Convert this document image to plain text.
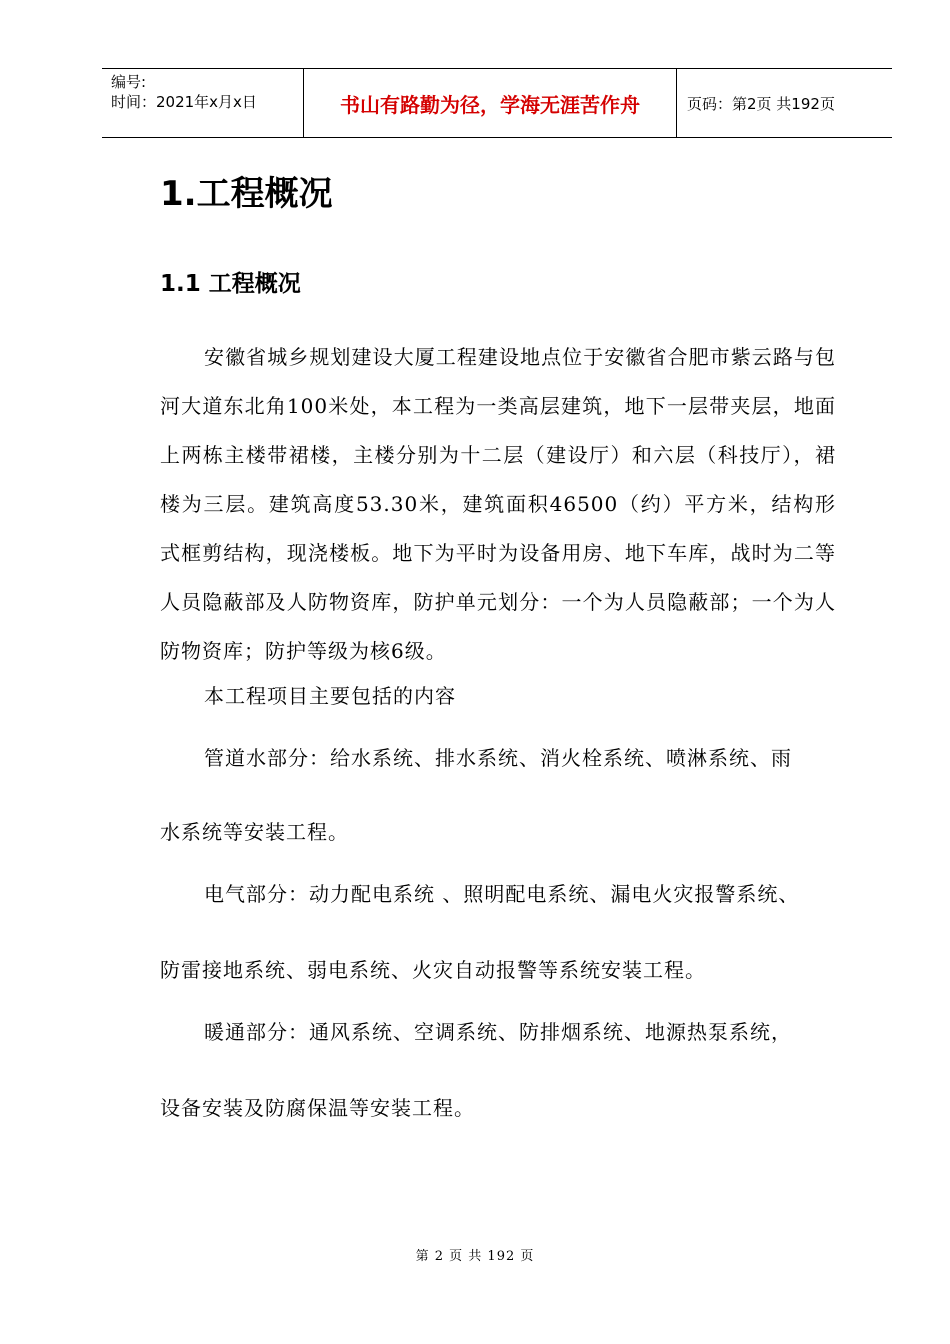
编号:
时间：2021年x月x日	书山有路勤为径，学海无涯苦作舟	页码：第2页 共192页
1.工程概况
1.1 工程概况
安徽省城乡规划建设大厦工程建设地点位于安徽省合肥市紫云路与包河大道东北角100米处，本工程为一类高层建筑，地下一层带夹层，地面上两栋主楼带裙楼，主楼分别为十二层（建设厅）和六层（科技厅），裙楼为三层。建筑高度53.30米，建筑面积46500（约）平方米，结构形式框剪结构，现浇楼板。地下为平时为设备用房、地下车库，战时为二等人员隐蔽部及人防物资库，防护单元划分：一个为人员隐蔽部；一个为人防物资库；防护等级为核6级。
本工程项目主要包括的内容
管道水部分：给水系统、排水系统、消火栓系统、喷淋系统、雨
水系统等安装工程。
电气部分：动力配电系统 、照明配电系统、漏电火灾报警系统、
防雷接地系统、弱电系统、火灾自动报警等系统安装工程。
暖通部分：通风系统、空调系统、防排烟系统、地源热泵系统，
设备安装及防腐保温等安装工程。
第 2 页 共 192 页
